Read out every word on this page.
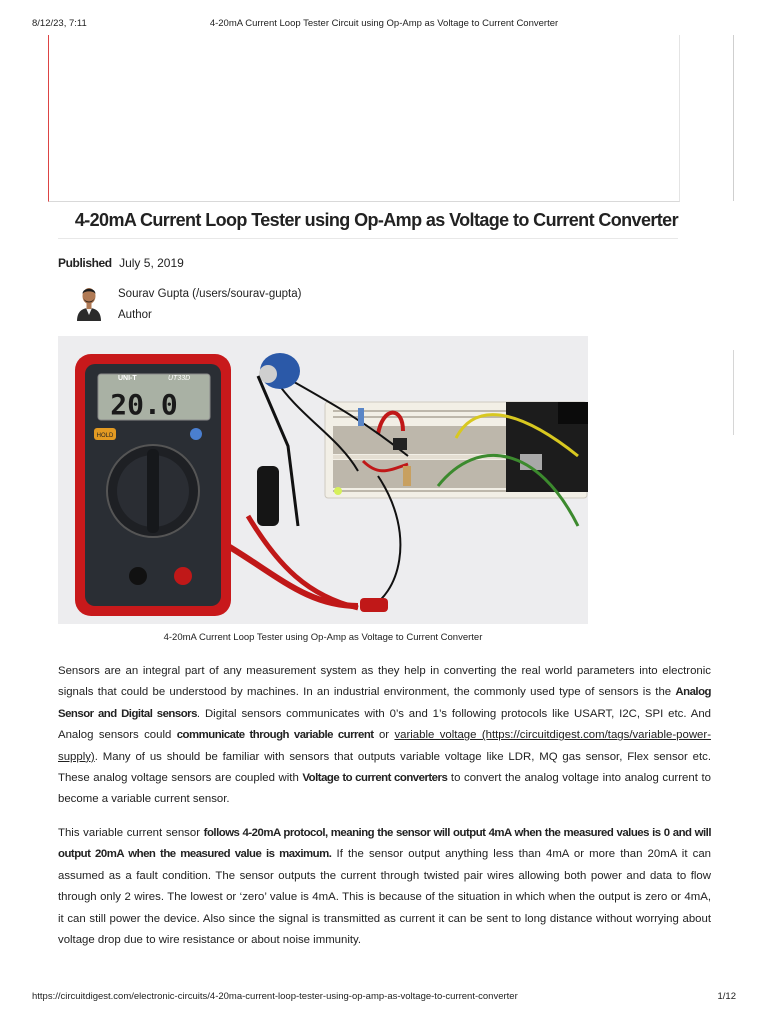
8/12/23, 7:11	4-20mA Current Loop Tester Circuit using Op-Amp as Voltage to Current Converter
4-20mA Current Loop Tester using Op-Amp as Voltage to Current Converter
Published July 5, 2019
Sourav Gupta (/users/sourav-gupta)
Author
UNI-T	UT33D
20.0
HOLD
4-20mA Current Loop Tester using Op-Amp as Voltage to Current Converter

Sensors are an integral part of any measurement system as they help in converting the real world parameters into electronic signals that could be understood by machines. In an industrial environment, the commonly used type of sensors is the Analog Sensor and Digital sensors. Digital sensors communicates with 0’s and 1’s following protocols like USART, I2C, SPI etc. And Analog sensors could communicate through variable current or variable voltage (https://circuitdigest.com/tags/variable-power-supply). Many of us should be familiar with sensors that outputs variable voltage like LDR, MQ gas sensor, Flex sensor etc. These analog voltage sensors are coupled with Voltage to current converters to convert the analog voltage into analog current to become a variable current sensor.

This variable current sensor follows 4-20mA protocol, meaning the sensor will output 4mA when the measured values is 0 and will output 20mA when the measured value is maximum. If the sensor output anything less than 4mA or more than 20mA it can assumed as a fault condition. The sensor outputs the current through twisted pair wires allowing both power and data to flow through only 2 wires. The lowest or ‘zero’ value is 4mA. This is because of the situation in which when the output is zero or 4mA, it can still power the device. Also since the signal is transmitted as current it can be sent to long distance without worrying about voltage drop due to wire resistance or about noise immunity.

https://circuitdigest.com/electronic-circuits/4-20ma-current-loop-tester-using-op-amp-as-voltage-to-current-converter	1/12
